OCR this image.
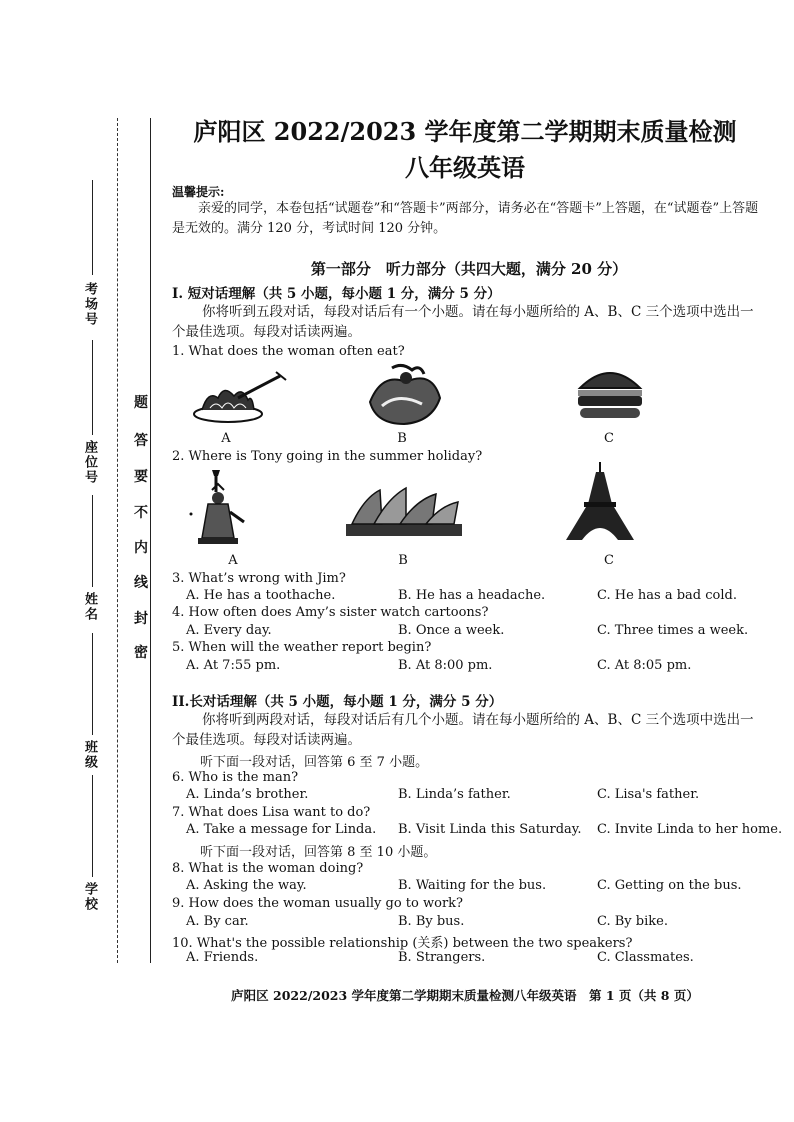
考场号
座位号
姓名
班级
学校
题
答
要
不
内
线
封
密
庐阳区 2022/2023 学年度第二学期期末质量检测
八年级英语
温馨提示:
亲爱的同学，本卷包括“试题卷”和“答题卡”两部分，请务必在“答题卡”上答题，在“试题卷”上答题是无效的。满分 120 分，考试时间 120 分钟。
第一部分　听力部分（共四大题，满分 20 分）
I. 短对话理解（共 5 小题，每小题 1 分，满分 5 分）
你将听到五段对话，每段对话后有一个小题。请在每小题所给的 A、B、C 三个选项中选出一个最佳选项。每段对话读两遍。
1. What does the woman often eat?
A	B	C
2. Where is Tony going in the summer holiday?
A	B	C
3. What’s wrong with Jim?
A. He has a toothache.	B. He has a headache.	C. He has a bad cold.
4. How often does Amy’s sister watch cartoons?
A. Every day.	B. Once a week.	C. Three times a week.
5. When will the weather report begin?
A. At 7:55 pm.	B. At 8:00 pm.	C. At 8:05 pm.
II.长对话理解（共 5 小题，每小题 1 分，满分 5 分）
你将听到两段对话，每段对话后有几个小题。请在每小题所给的 A、B、C 三个选项中选出一个最佳选项。每段对话读两遍。
听下面一段对话，回答第 6 至 7 小题。
6. Who is the man?
A. Linda’s brother.	B. Linda’s father.	C. Lisa's father.
7. What does Lisa want to do?
A. Take a message for Linda. B. Visit Linda this Saturday. C. Invite Linda to her home.
听下面一段对话，回答第 8 至 10 小题。
8. What is the woman doing?
A. Asking the way.	B. Waiting for the bus.	C. Getting on the bus.
9. How does the woman usually go to work?
A. By car.	B. By bus.	C. By bike.
10. What's the possible relationship (关系) between the two speakers?
A. Friends.	B. Strangers.	C. Classmates.
庐阳区 2022/2023 学年度第二学期期末质量检测八年级英语　第 1 页（共 8 页）
